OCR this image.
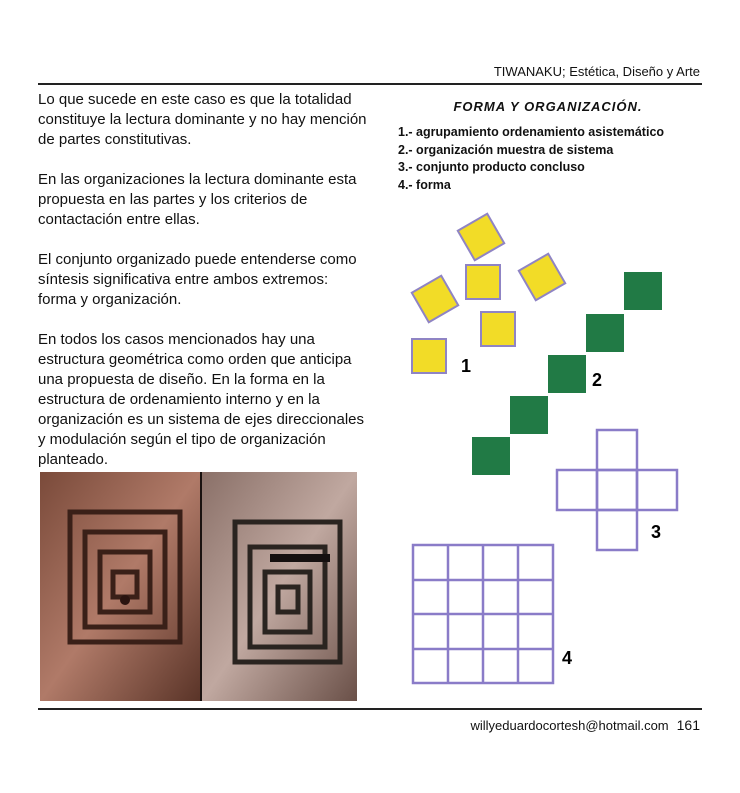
TIWANAKU; Estética, Diseño y Arte

Lo que sucede en este caso es que la totalidad constituye la lectura dominante y no hay mención de partes constitutivas.

En las organizaciones la lectura dominante esta propuesta en las partes y los criterios de contactación entre ellas.

El conjunto organizado puede entenderse como síntesis significativa entre ambos extremos: forma y organización.

En todos los casos mencionados hay una estructura geométrica como orden que anticipa una propuesta de diseño. En la forma en la estructura de ordenamiento interno y en la organización es un sistema de ejes direccionales y modulación según el tipo de organización planteado.

FORMA Y ORGANIZACIÓN.
1.- agrupamiento ordenamiento asistemático
2.- organización muestra de sistema
3.- conjunto producto concluso
4.- forma
1
2
3
4
willyeduardocortesh@hotmail.com 161
